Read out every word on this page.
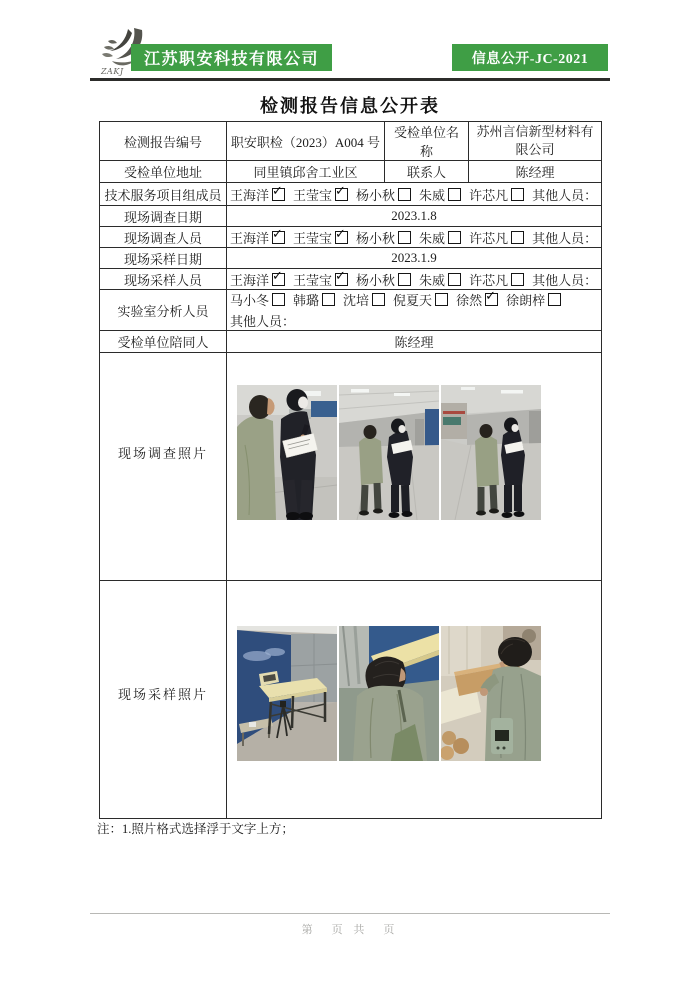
ZAKJ
江苏职安科技有限公司	信息公开-JC-2021
检测报告信息公开表
检测报告编号	职安职检（2023）A004 号	受检单位名称	苏州言信新型材料有限公司
受检单位地址	同里镇邱舍工业区	联系人	陈经理
技术服务项目组成员	王海洋 ✓ 王莹宝 ✓ 杨小秋 朱威 许芯凡 其他人员：
现场调查日期	2023.1.8		
现场调查人员	王海洋 ✓ 王莹宝 ✓ 杨小秋 朱威 许芯凡 其他人员：
现场采样日期	2023.1.9		
现场采样人员	王海洋 ✓ 王莹宝 ✓ 杨小秋 朱威 许芯凡 其他人员：
实验室分析人员	马小冬 韩璐 沈培 倪夏天 徐然 ✓ 徐朗梓
其他人员：

受检单位陪同人	陈经理		
现场调查照片	

现场采样照片	
注：1.照片格式选择浮于文字上方；
第　页 共　页
